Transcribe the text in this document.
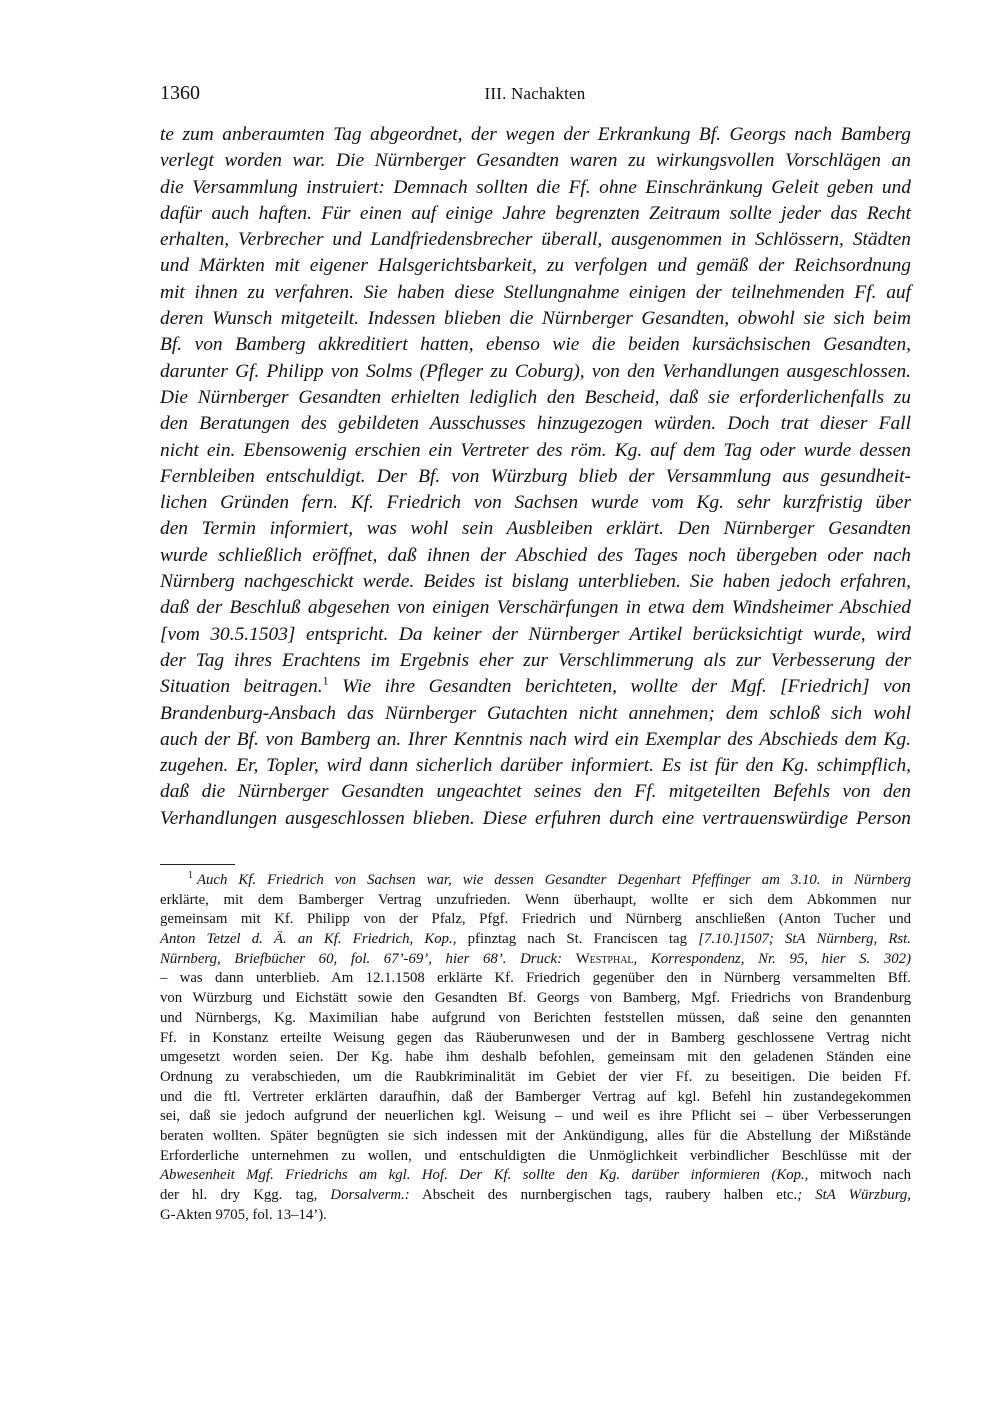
1360	III. Nachakten
te zum anberaumten Tag abgeordnet, der wegen der Erkrankung Bf. Georgs nach Bamberg
verlegt worden war. Die Nürnberger Gesandten waren zu wirkungsvollen Vorschlägen an
die Versammlung instruiert: Demnach sollten die Ff. ohne Einschränkung Geleit geben und
dafür auch haften. Für einen auf einige Jahre begrenzten Zeitraum sollte jeder das Recht
erhalten, Verbrecher und Landfriedensbrecher überall, ausgenommen in Schlössern, Städten
und Märkten mit eigener Halsgerichtsbarkeit, zu verfolgen und gemäß der Reichsordnung
mit ihnen zu verfahren. Sie haben diese Stellungnahme einigen der teilnehmenden Ff. auf
deren Wunsch mitgeteilt. Indessen blieben die Nürnberger Gesandten, obwohl sie sich beim
Bf. von Bamberg akkreditiert hatten, ebenso wie die beiden kursächsischen Gesandten,
darunter Gf. Philipp von Solms (Pfleger zu Coburg), von den Verhandlungen ausgeschlossen.
Die Nürnberger Gesandten erhielten lediglich den Bescheid, daß sie erforderlichenfalls zu
den Beratungen des gebildeten Ausschusses hinzugezogen würden. Doch trat dieser Fall
nicht ein. Ebensowenig erschien ein Vertreter des röm. Kg. auf dem Tag oder wurde dessen
Fernbleiben entschuldigt. Der Bf. von Würzburg blieb der Versammlung aus gesundheit-
lichen Gründen fern. Kf. Friedrich von Sachsen wurde vom Kg. sehr kurzfristig über
den Termin informiert, was wohl sein Ausbleiben erklärt. Den Nürnberger Gesandten
wurde schließlich eröffnet, daß ihnen der Abschied des Tages noch übergeben oder nach
Nürnberg nachgeschickt werde. Beides ist bislang unterblieben. Sie haben jedoch erfahren,
daß der Beschluß abgesehen von einigen Verschärfungen in etwa dem Windsheimer Abschied
[vom 30.5.1503] entspricht. Da keiner der Nürnberger Artikel berücksichtigt wurde, wird
der Tag ihres Erachtens im Ergebnis eher zur Verschlimmerung als zur Verbesserung der
Situation beitragen.$^1$ Wie ihre Gesandten berichteten, wollte der Mgf. [Friedrich] von
Brandenburg-Ansbach das Nürnberger Gutachten nicht annehmen; dem schloß sich wohl
auch der Bf. von Bamberg an. Ihrer Kenntnis nach wird ein Exemplar des Abschieds dem Kg.
zugehen. Er, Topler, wird dann sicherlich darüber informiert. Es ist für den Kg. schimpflich,
daß die Nürnberger Gesandten ungeachtet seines den Ff. mitgeteilten Befehls von den
Verhandlungen ausgeschlossen blieben. Diese erfuhren durch eine vertrauenswürdige Person
$^1$ Auch Kf. Friedrich von Sachsen war, wie dessen Gesandter Degenhart Pfeffinger am 3.10. in Nürnberg
erklärte, mit dem Bamberger Vertrag unzufrieden. Wenn überhaupt, wollte er sich dem Abkommen nur
gemeinsam mit Kf. Philipp von der Pfalz, Pfgf. Friedrich und Nürnberg anschließen (Anton Tucher und
Anton Tetzel d. Ä. an Kf. Friedrich, Kop., pfinztag nach St. Franciscen tag [7.10.]1507; StA Nürnberg, Rst.
Nürnberg, Briefbücher 60, fol. 67’-69’, hier 68’. Druck: Westphal, Korrespondenz, Nr. 95, hier S. 302)
– was dann unterblieb. Am 12.1.1508 erklärte Kf. Friedrich gegenüber den in Nürnberg versammelten Bff.
von Würzburg und Eichstätt sowie den Gesandten Bf. Georgs von Bamberg, Mgf. Friedrichs von Brandenburg
und Nürnbergs, Kg. Maximilian habe aufgrund von Berichten feststellen müssen, daß seine den genannten
Ff. in Konstanz erteilte Weisung gegen das Räuberunwesen und der in Bamberg geschlossene Vertrag nicht
umgesetzt worden seien. Der Kg. habe ihm deshalb befohlen, gemeinsam mit den geladenen Ständen eine
Ordnung zu verabschieden, um die Raubkriminalität im Gebiet der vier Ff. zu beseitigen. Die beiden Ff.
und die ftl. Vertreter erklärten daraufhin, daß der Bamberger Vertrag auf kgl. Befehl hin zustandegekommen
sei, daß sie jedoch aufgrund der neuerlichen kgl. Weisung – und weil es ihre Pflicht sei – über Verbesserungen
beraten wollten. Später begnügten sie sich indessen mit der Ankündigung, alles für die Abstellung der Mißstände
Erforderliche unternehmen zu wollen, und entschuldigten die Unmöglichkeit verbindlicher Beschlüsse mit der
Abwesenheit Mgf. Friedrichs am kgl. Hof. Der Kf. sollte den Kg. darüber informieren (Kop., mitwoch nach
der hl. dry Kgg. tag, Dorsalverm.: Abscheit des nurnbergischen tags, raubery halben etc.; StA Würzburg,
G-Akten 9705, fol. 13–14’).
